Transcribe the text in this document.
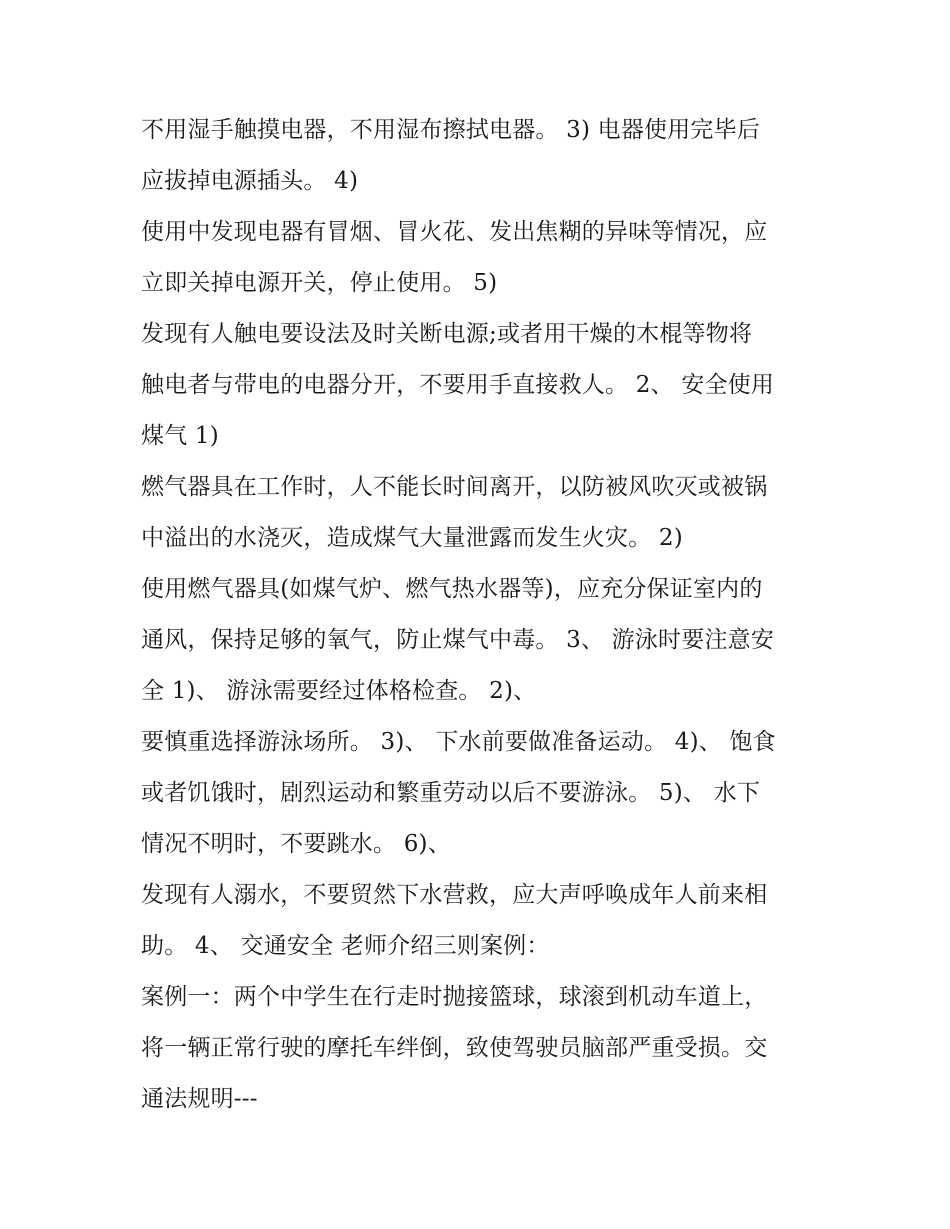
不用湿手触摸电器，不用湿布擦拭电器。 3) 电器使用完毕后
应拔掉电源插头。 4)
使用中发现电器有冒烟、冒火花、发出焦糊的异味等情况，应
立即关掉电源开关，停止使用。 5)
发现有人触电要设法及时关断电源;或者用干燥的木棍等物将
触电者与带电的电器分开，不要用手直接救人。 2、 安全使用
煤气 1)
燃气器具在工作时，人不能长时间离开，以防被风吹灭或被锅
中溢出的水浇灭，造成煤气大量泄露而发生火灾。 2)
使用燃气器具(如煤气炉、燃气热水器等)，应充分保证室内的
通风，保持足够的氧气，防止煤气中毒。 3、 游泳时要注意安
全 1)、 游泳需要经过体格检查。 2)、
要慎重选择游泳场所。 3)、 下水前要做准备运动。 4)、 饱食
或者饥饿时，剧烈运动和繁重劳动以后不要游泳。 5)、 水下
情况不明时，不要跳水。 6)、
发现有人溺水，不要贸然下水营救，应大声呼唤成年人前来相
助。 4、 交通安全 老师介绍三则案例：
案例一：两个中学生在行走时抛接篮球，球滚到机动车道上，
将一辆正常行驶的摩托车绊倒，致使驾驶员脑部严重受损。交
通法规明---
